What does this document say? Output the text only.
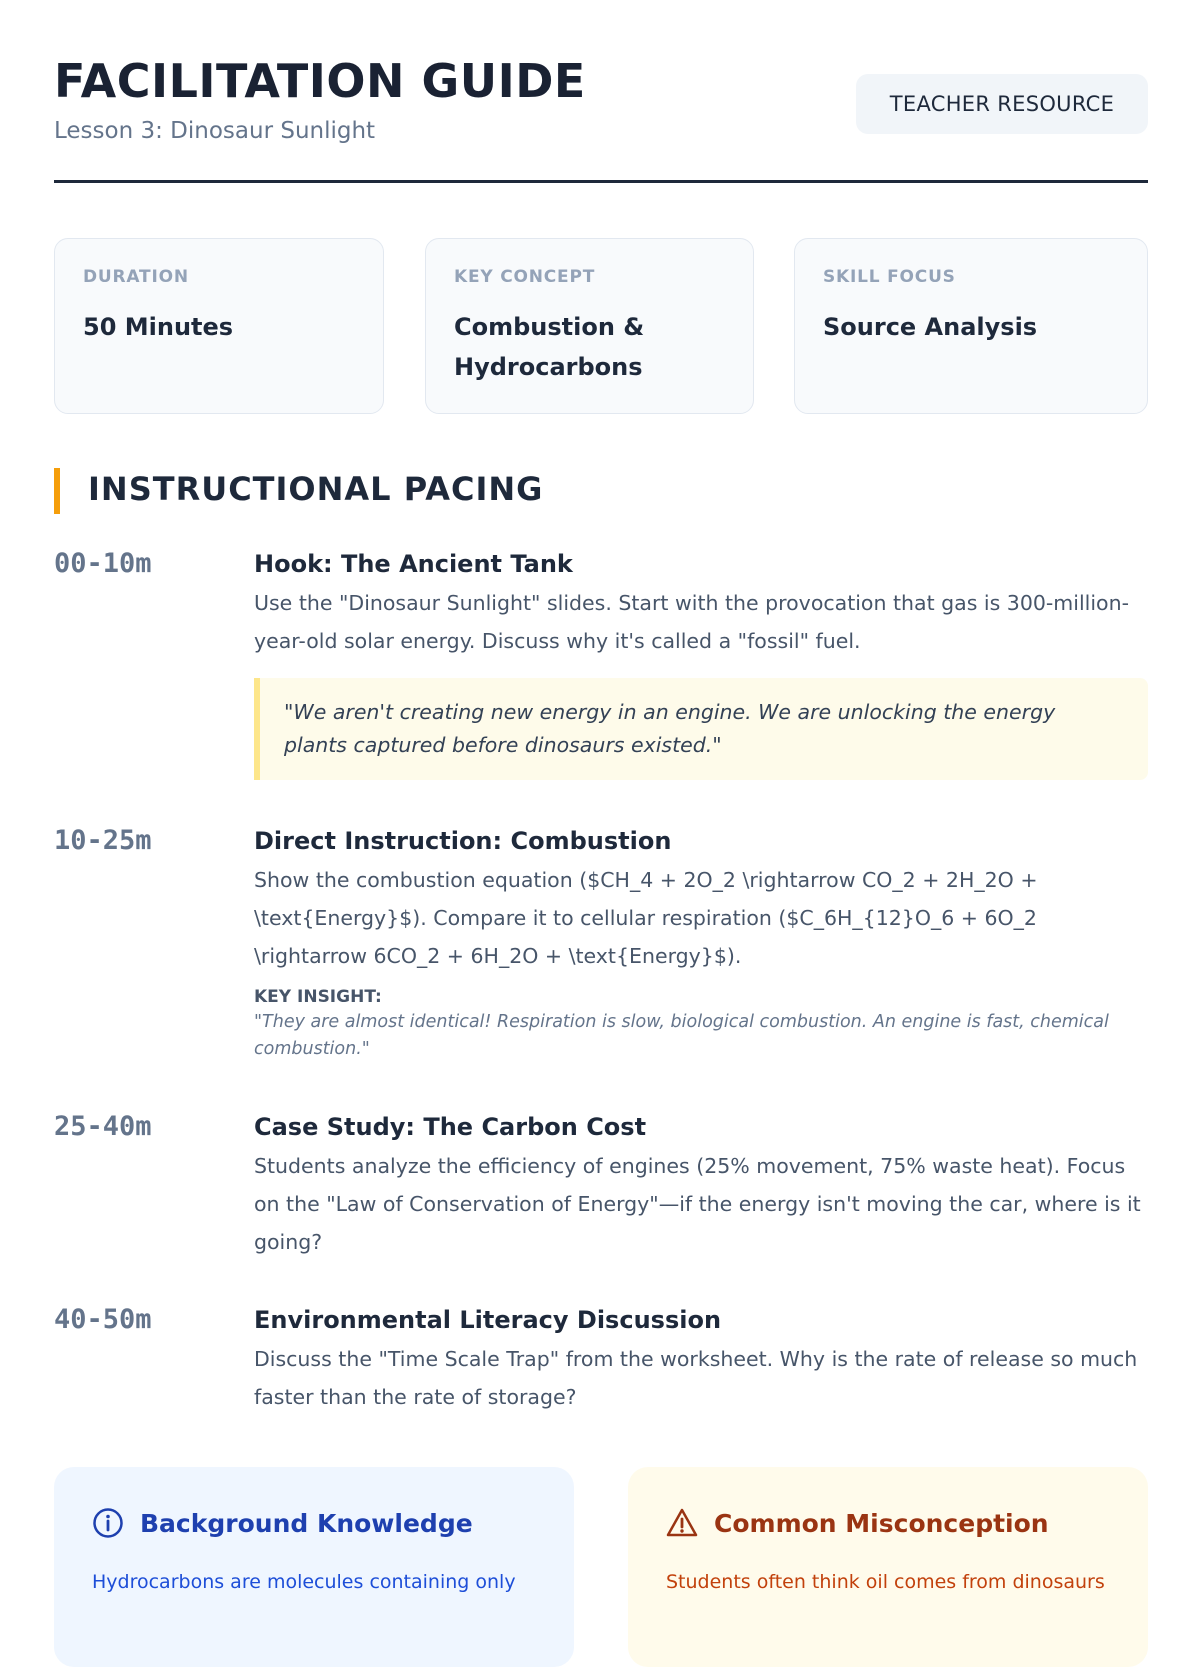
FACILITATION GUIDE

Lesson 3: Dinosaur Sunlight

TEACHER RESOURCE
DURATION
50 Minutes
KEY CONCEPT
Combustion & Hydrocarbons
SKILL FOCUS
Source Analysis
INSTRUCTIONAL PACING
00-10m	Hook: The Ancient Tank
Use the "Dinosaur Sunlight" slides. Start with the provocation that gas is 300-million-year-old solar energy. Discuss why it's called a "fossil" fuel.
"We aren't creating new energy in an engine. We are unlocking the energy plants captured before dinosaurs existed."
10-25m	Direct Instruction: Combustion
Show the combustion equation ($CH_4 + 2O_2 \rightarrow CO_2 + 2H_2O + \text{Energy}$). Compare it to cellular respiration ($C_6H_{12}O_6 + 6O_2 \rightarrow 6CO_2 + 6H_2O + \text{Energy}$).
KEY INSIGHT:
"They are almost identical! Respiration is slow, biological combustion. An engine is fast, chemical combustion."
25-40m	Case Study: The Carbon Cost
Students analyze the efficiency of engines (25% movement, 75% waste heat). Focus on the "Law of Conservation of Energy"—if the energy isn't moving the car, where is it going?
40-50m	Environmental Literacy Discussion
Discuss the "Time Scale Trap" from the worksheet. Why is the rate of release so much faster than the rate of storage?
Background Knowledge
Hydrocarbons are molecules containing only
Common Misconception
Students often think oil comes from dinosaurs
